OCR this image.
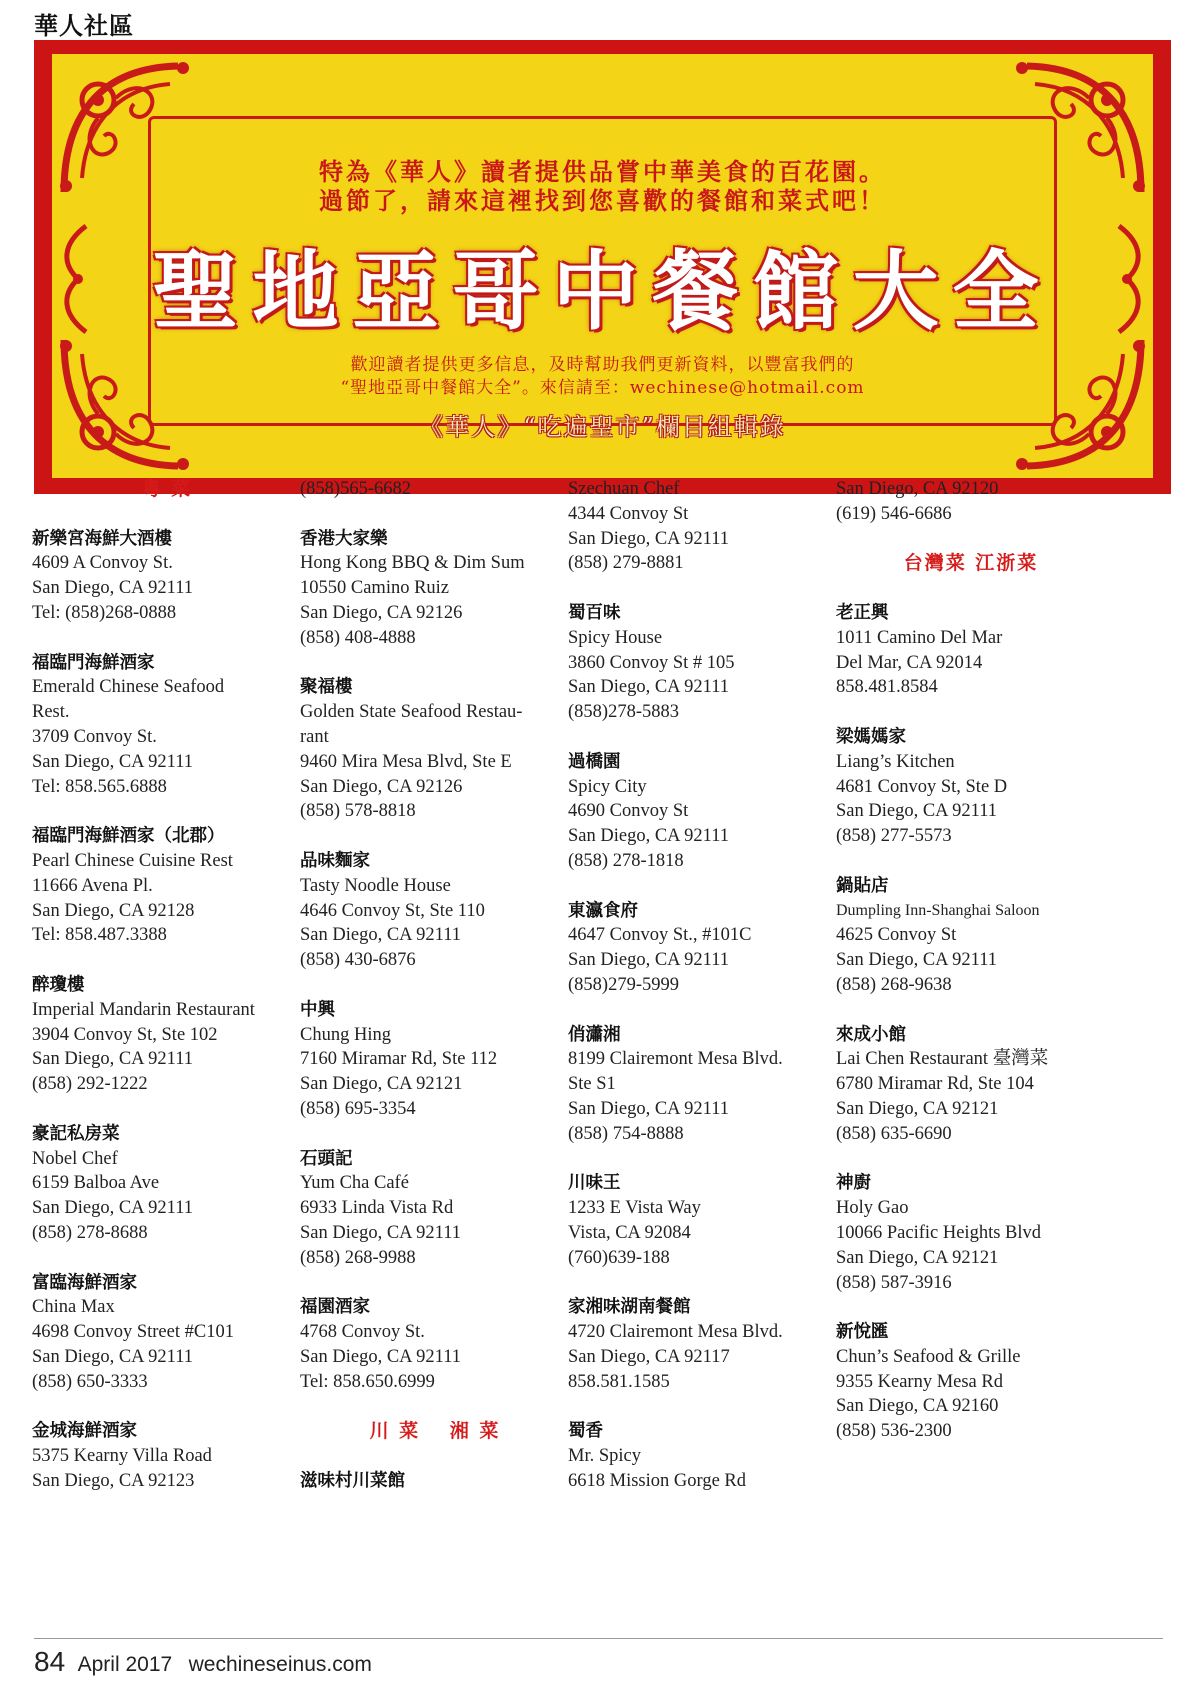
華人社區
特為《華人》讀者提供品嘗中華美食的百花園。
過節了，請來這裡找到您喜歡的餐館和菜式吧！
聖地亞哥中餐館大全
歡迎讀者提供更多信息，及時幫助我們更新資料，以豐富我們的
“聖地亞哥中餐館大全”。來信請至：wechinese@hotmail.com
《華人》“吃遍聖市”欄目組輯錄
粵 菜
新樂宮海鮮大酒樓
4609 A Convoy St.
San Diego, CA 92111
Tel: (858)268-0888
福臨門海鮮酒家
Emerald Chinese Seafood
Rest.
3709 Convoy St.
San Diego, CA 92111
Tel: 858.565.6888
福臨門海鮮酒家（北郡）
Pearl Chinese Cuisine Rest
11666 Avena Pl.
San Diego, CA 92128
Tel: 858.487.3388
醉瓊樓
Imperial Mandarin Restaurant
3904 Convoy St, Ste 102
San Diego, CA 92111
(858) 292-1222
豪記私房菜
Nobel Chef
6159 Balboa Ave
San Diego, CA 92111
(858) 278-8688
富臨海鮮酒家
China Max
4698 Convoy Street #C101
San Diego, CA 92111
(858) 650-3333
金城海鮮酒家
5375 Kearny Villa Road
San Diego, CA 92123
(858)565-6682
香港大家樂
Hong Kong BBQ & Dim Sum
10550 Camino Ruiz
San Diego, CA 92126
(858) 408-4888
聚福樓
Golden State Seafood Restau-
rant
9460 Mira Mesa Blvd, Ste E
San Diego, CA 92126
(858) 578-8818
品味麵家
Tasty Noodle House
4646 Convoy St, Ste 110
San Diego, CA 92111
(858) 430-6876
中興
Chung Hing
7160 Miramar Rd, Ste 112
San Diego, CA 92121
(858) 695-3354
石頭記
Yum Cha Café
6933 Linda Vista Rd
San Diego, CA 92111
(858) 268-9988
福園酒家
4768 Convoy St.
San Diego, CA 92111
Tel: 858.650.6999
川 菜　 湘 菜
滋味村川菜館
Szechuan Chef
4344 Convoy St
San Diego, CA 92111
(858) 279-8881
蜀百味
Spicy House
3860 Convoy St # 105
San Diego, CA 92111
(858)278-5883
過橋園
Spicy City
4690 Convoy St
San Diego, CA 92111
(858) 278-1818
東瀛食府
4647 Convoy St., #101C
San Diego, CA 92111
(858)279-5999
俏瀟湘
8199 Clairemont Mesa Blvd.
Ste S1
San Diego, CA 92111
(858) 754-8888
川味王
1233 E Vista Way
Vista, CA 92084
(760)639-188
家湘味湖南餐館
4720 Clairemont Mesa Blvd.
San Diego, CA 92117
858.581.1585
蜀香
Mr. Spicy
6618 Mission Gorge Rd
San Diego, CA 92120
(619) 546-6686
台灣菜 江浙菜
老正興
1011 Camino Del Mar
Del Mar, CA 92014
858.481.8584
梁媽媽家
Liang’s Kitchen
4681 Convoy St, Ste D
San Diego, CA 92111
(858) 277-5573
鍋貼店
Dumpling Inn-Shanghai Saloon
4625 Convoy St
San Diego, CA 92111
(858) 268-9638
來成小館
Lai Chen Restaurant 臺灣菜
6780 Miramar Rd, Ste 104
San Diego, CA 92121
(858) 635-6690
神廚
Holy Gao
10066 Pacific Heights Blvd
San Diego, CA 92121
(858) 587-3916
新悅匯
Chun’s Seafood & Grille
9355 Kearny Mesa Rd
San Diego, CA 92160
(858) 536-2300
84 April 2017 wechineseinus.com
